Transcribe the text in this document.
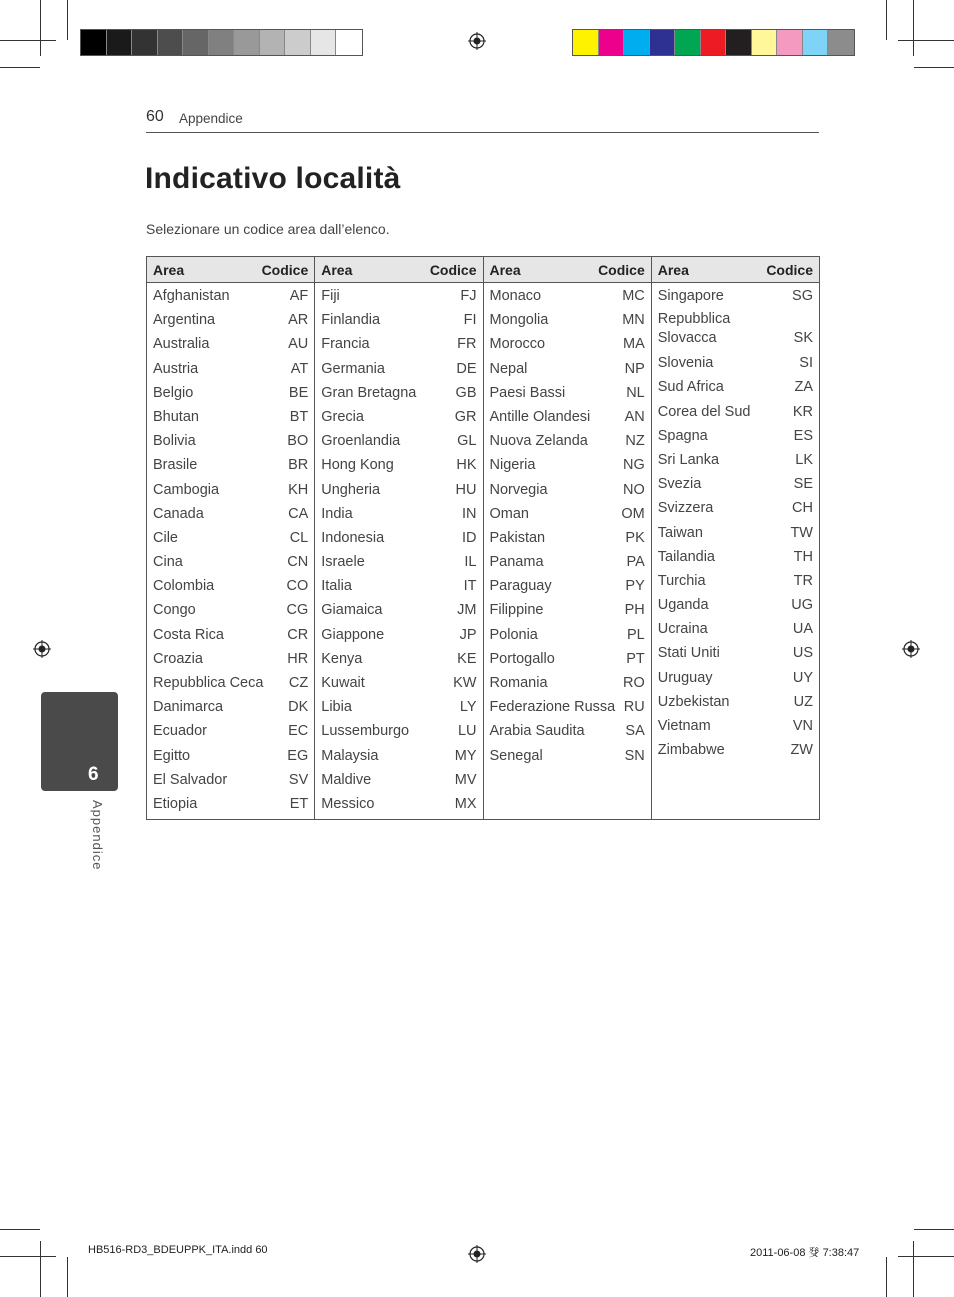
60 Appendice
Indicativo località
Selezionare un codice area dall’elenco.
Area	Codice
Afghanistan	AF
Argentina	AR
Australia	AU
Austria	AT
Belgio	BE
Bhutan	BT
Bolivia	BO
Brasile	BR
Cambogia	KH
Canada	CA
Cile	CL
Cina	CN
Colombia	CO
Congo	CG
Costa Rica	CR
Croazia	HR
Repubblica Ceca CZ
Danimarca	DK
Ecuador	EC
Egitto	EG
El Salvador	SV
Etiopia	ET
Area	Codice
Fiji	FJ
Finlandia	FI
Francia	FR
Germania	DE
Gran Bretagna	GB
Grecia	GR
Groenlandia	GL
Hong Kong	HK
Ungheria	HU
India	IN
Indonesia	ID
Israele	IL
Italia	IT
Giamaica	JM
Giappone	JP
Kenya	KE
Kuwait	KW
Libia	LY
Lussemburgo	LU
Malaysia	MY
Maldive	MV
Messico	MX
Area	Codice
Monaco	MC
Mongolia	MN
Morocco	MA
Nepal	NP
Paesi Bassi	NL
Antille Olandesi AN
Nuova Zelanda	NZ
Nigeria	NG
Norvegia	NO
Oman	OM
Pakistan	PK
Panama	PA
Paraguay	PY
Filippine	PH
Polonia	PL
Portogallo	PT
Romania	RO
Federazione Russa RU
Arabia Saudita	SA
Senegal	SN
Area	Codice
Singapore	SG
Repubblica Slovacca	SK
Slovenia	SI
Sud Africa	ZA
Corea del Sud	KR
Spagna	ES
Sri Lanka	LK
Svezia	SE
Svizzera	CH
Taiwan	TW
Tailandia	TH
Turchia	TR
Uganda	UG
Ucraina	UA
Stati Uniti	US
Uruguay	UY
Uzbekistan	UZ
Vietnam	VN
Zimbabwe	ZW
6
Appendice
HB516-RD3_BDEUPPK_ITA.indd 60	2011-06-08 癹 7:38:47
